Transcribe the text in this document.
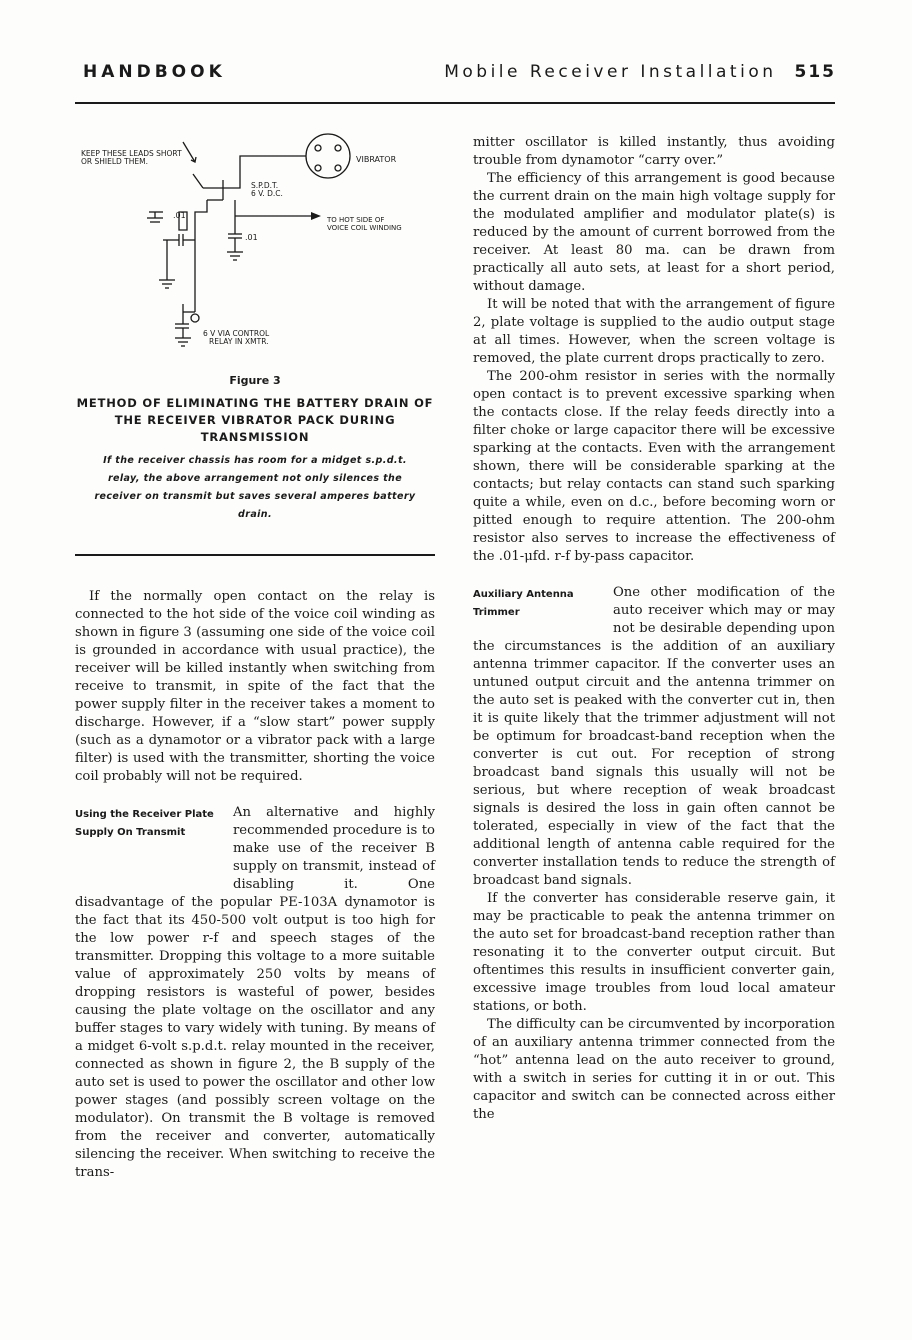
HANDBOOK	Mobile Receiver Installation 515
KEEP THESE LEADS SHORT
OR SHIELD THEM.	VIBRATOR
S.P.D.T.
6 V. D.C.
.01
.01
TO HOT SIDE OF
VOICE COIL WINDING
6 V VIA CONTROL
RELAY IN XMTR.

Figure 3

METHOD OF ELIMINATING THE BATTERY DRAIN OF THE RECEIVER VIBRATOR PACK DURING TRANSMISSION

If the receiver chassis has room for a midget s.p.d.t. relay, the above arrangement not only silences the receiver on transmit but saves several amperes battery drain.

If the normally open contact on the relay is connected to the hot side of the voice coil winding as shown in figure 3 (assuming one side of the voice coil is grounded in accordance with usual practice), the receiver will be killed instantly when switching from receive to transmit, in spite of the fact that the power supply filter in the receiver takes a moment to discharge. However, if a “slow start” power supply (such as a dynamotor or a vibrator pack with a large filter) is used with the transmitter, shorting the voice coil probably will not be required.

Using the Receiver Plate Supply On Transmit

An alternative and highly recommended procedure is to make use of the receiver B supply on transmit, instead of disabling it. One disadvantage of the popular PE-103A dynamotor is the fact that its 450-500 volt output is too high for the low power r-f and speech stages of the transmitter. Dropping this voltage to a more suitable value of approximately 250 volts by means of dropping resistors is wasteful of power, besides causing the plate voltage on the oscillator and any buffer stages to vary widely with tuning. By means of a midget 6-volt s.p.d.t. relay mounted in the receiver, connected as shown in figure 2, the B supply of the auto set is used to power the oscillator and other low power stages (and possibly screen voltage on the modulator). On transmit the B voltage is removed from the receiver and converter, automatically silencing the receiver. When switching to receive the trans-

mitter oscillator is killed instantly, thus avoiding trouble from dynamotor “carry over.”

The efficiency of this arrangement is good because the current drain on the main high voltage supply for the modulated amplifier and modulator plate(s) is reduced by the amount of current borrowed from the receiver. At least 80 ma. can be drawn from practically all auto sets, at least for a short period, without damage.

It will be noted that with the arrangement of figure 2, plate voltage is supplied to the audio output stage at all times. However, when the screen voltage is removed, the plate current drops practically to zero.

The 200-ohm resistor in series with the normally open contact is to prevent excessive sparking when the contacts close. If the relay feeds directly into a filter choke or large capacitor there will be excessive sparking at the contacts. Even with the arrangement shown, there will be considerable sparking at the contacts; but relay contacts can stand such sparking quite a while, even on d.c., before becoming worn or pitted enough to require attention. The 200-ohm resistor also serves to increase the effectiveness of the .01-μfd. r-f by-pass capacitor.

Auxiliary Antenna Trimmer

One other modification of the auto receiver which may or may not be desirable depending upon the circumstances is the addition of an auxiliary antenna trimmer capacitor. If the converter uses an untuned output circuit and the antenna trimmer on the auto set is peaked with the converter cut in, then it is quite likely that the trimmer adjustment will not be optimum for broadcast-band reception when the converter is cut out. For reception of strong broadcast band signals this usually will not be serious, but where reception of weak broadcast signals is desired the loss in gain often cannot be tolerated, especially in view of the fact that the additional length of antenna cable required for the converter installation tends to reduce the strength of broadcast band signals.

If the converter has considerable reserve gain, it may be practicable to peak the antenna trimmer on the auto set for broadcast-band reception rather than resonating it to the converter output circuit. But oftentimes this results in insufficient converter gain, excessive image troubles from loud local amateur stations, or both.

The difficulty can be circumvented by incorporation of an auxiliary antenna trimmer connected from the “hot” antenna lead on the auto receiver to ground, with a switch in series for cutting it in or out. This capacitor and switch can be connected across either the
